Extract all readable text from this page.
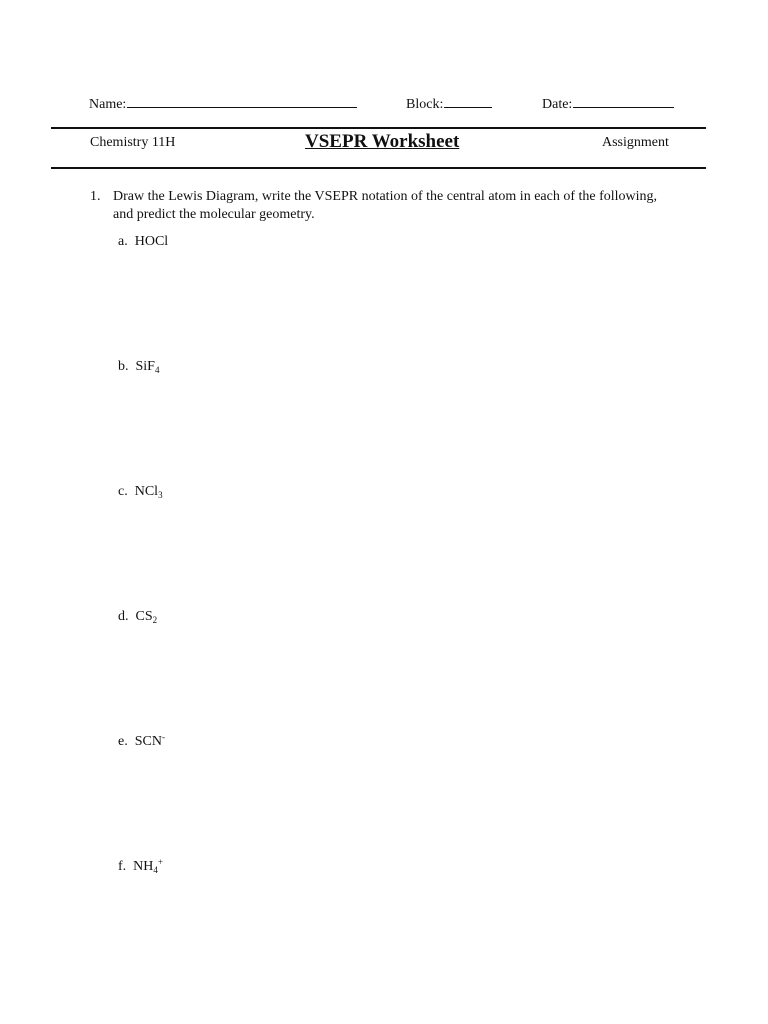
Name:	Block:	Date:
Chemistry 11H	VSEPR Worksheet	Assignment
1. Draw the Lewis Diagram, write the VSEPR notation of the central atom in each of the following, and predict the molecular geometry.
a. HOCl
b. SiF$_4$
c. NCl$_3$
d. $CS_2$
e. SCN-
f. $NH_4^+$
